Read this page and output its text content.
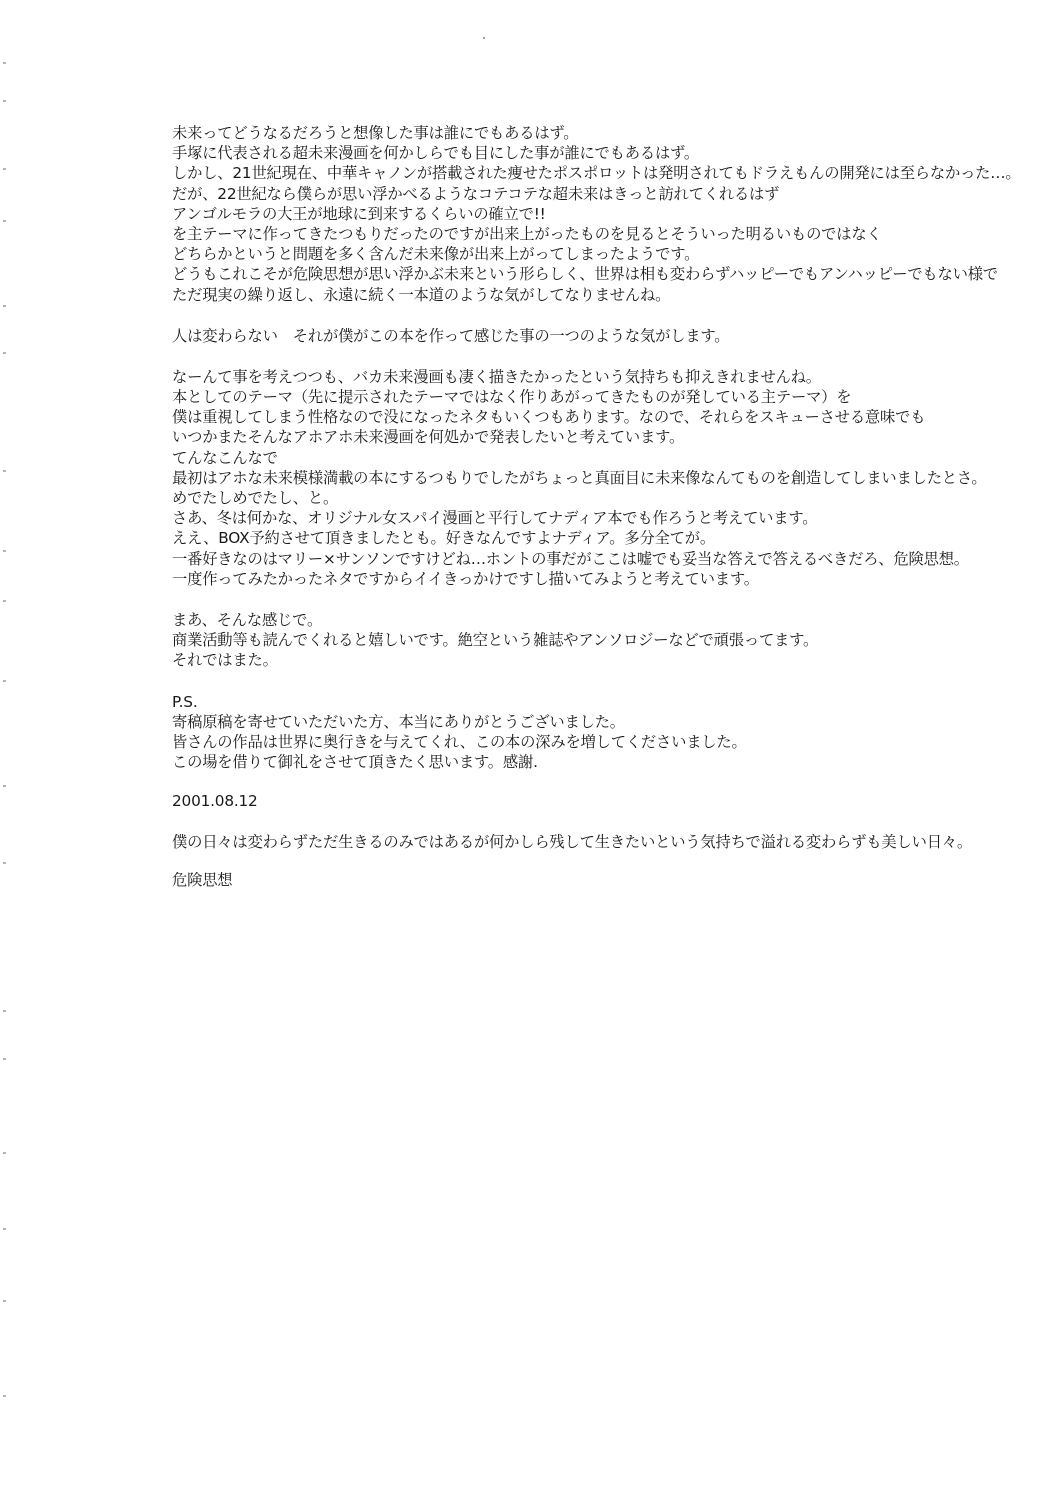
未来ってどうなるだろうと想像した事は誰にでもあるはず。
手塚に代表される超未来漫画を何かしらでも目にした事が誰にでもあるはず。
しかし、21世紀現在、中華キャノンが搭載された痩せたポスポロットは発明されてもドラえもんの開発には至らなかった…。
だが、22世紀なら僕らが思い浮かべるようなコテコテな超未来はきっと訪れてくれるはず
アンゴルモラの大王が地球に到来するくらいの確立で!!
を主テーマに作ってきたつもりだったのですが出来上がったものを見るとそういった明るいものではなく
どちらかというと問題を多く含んだ未来像が出来上がってしまったようです。
どうもこれこそが危険思想が思い浮かぶ未来という形らしく、世界は相も変わらずハッピーでもアンハッピーでもない様で
ただ現実の繰り返し、永遠に続く一本道のような気がしてなりませんね。
人は変わらない　それが僕がこの本を作って感じた事の一つのような気がします。
なーんて事を考えつつも、バカ未来漫画も凄く描きたかったという気持ちも抑えきれませんね。
本としてのテーマ（先に提示されたテーマではなく作りあがってきたものが発している主テーマ）を
僕は重視してしまう性格なので没になったネタもいくつもあります。なので、それらをスキューさせる意味でも
いつかまたそんなアホアホ未来漫画を何処かで発表したいと考えています。
てんなこんなで
最初はアホな未来模様満載の本にするつもりでしたがちょっと真面目に未来像なんてものを創造してしまいましたとさ。
めでたしめでたし、と。
さあ、冬は何かな、オリジナル女スパイ漫画と平行してナディア本でも作ろうと考えています。
ええ、BOX予約させて頂きましたとも。好きなんですよナディア。多分全てが。
一番好きなのはマリー×サンソンですけどね…ホントの事だがここは嘘でも妥当な答えで答えるべきだろ、危険思想。
一度作ってみたかったネタですからイイきっかけですし描いてみようと考えています。
まあ、そんな感じで。
商業活動等も読んでくれると嬉しいです。絶空という雑誌やアンソロジーなどで頑張ってます。
それではまた。
P.S.
寄稿原稿を寄せていただいた方、本当にありがとうございました。
皆さんの作品は世界に奥行きを与えてくれ、この本の深みを増してくださいました。
この場を借りて御礼をさせて頂きたく思います。感謝.
2001.08.12
僕の日々は変わらずただ生きるのみではあるが何かしら残して生きたいという気持ちで溢れる変わらずも美しい日々。
危険思想
